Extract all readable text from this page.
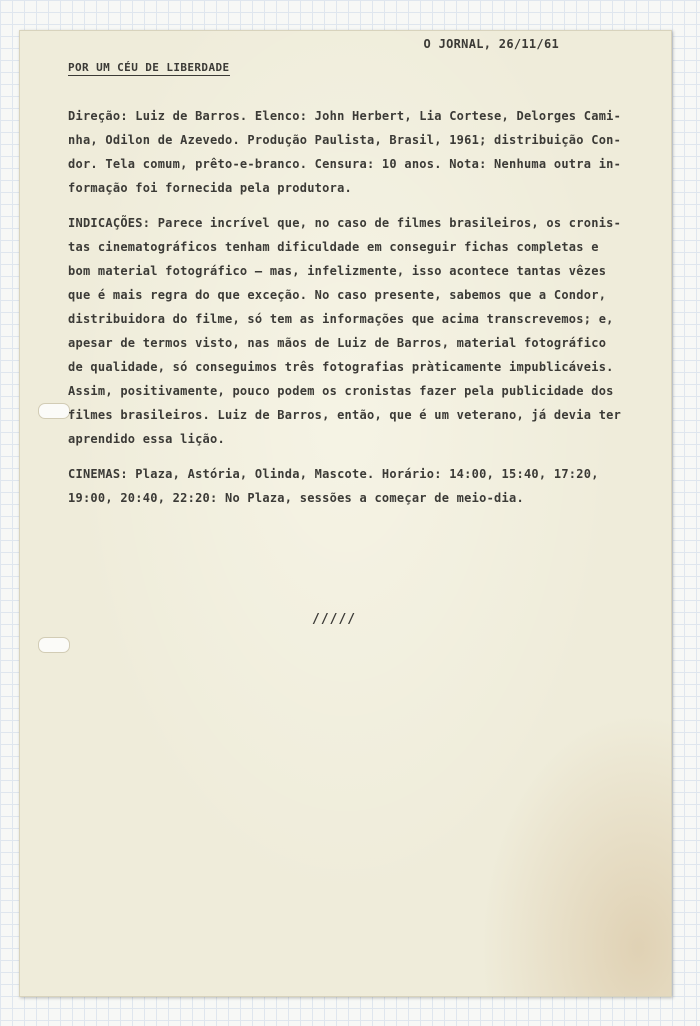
O JORNAL, 26/11/61
POR UM CÉU DE LIBERDADE
Direção: Luiz de Barros. Elenco: John Herbert, Lia Cortese, Delorges Cami-
nha, Odilon de Azevedo. Produção Paulista, Brasil, 1961; distribuição Con-
dor. Tela comum, prêto-e-branco. Censura: 10 anos. Nota: Nenhuma outra in-
formação foi fornecida pela produtora.
INDICAÇÕES: Parece incrível que, no caso de filmes brasileiros, os cronis-
tas cinematográficos tenham dificuldade em conseguir fichas completas e
bom material fotográfico — mas, infelizmente, isso acontece tantas vêzes
que é mais regra do que exceção. No caso presente, sabemos que a Condor,
distribuidora do filme, só tem as informações que acima transcrevemos; e,
apesar de termos visto, nas mãos de Luiz de Barros, material fotográfico
de qualidade, só conseguimos três fotografias pràticamente impublicáveis.
Assim, positivamente, pouco podem os cronistas fazer pela publicidade dos
filmes brasileiros. Luiz de Barros, então, que é um veterano, já devia ter
aprendido essa lição.
CINEMAS: Plaza, Astória, Olinda, Mascote. Horário: 14:00, 15:40, 17:20,
19:00, 20:40, 22:20: No Plaza, sessões a começar de meio-dia.
/////
